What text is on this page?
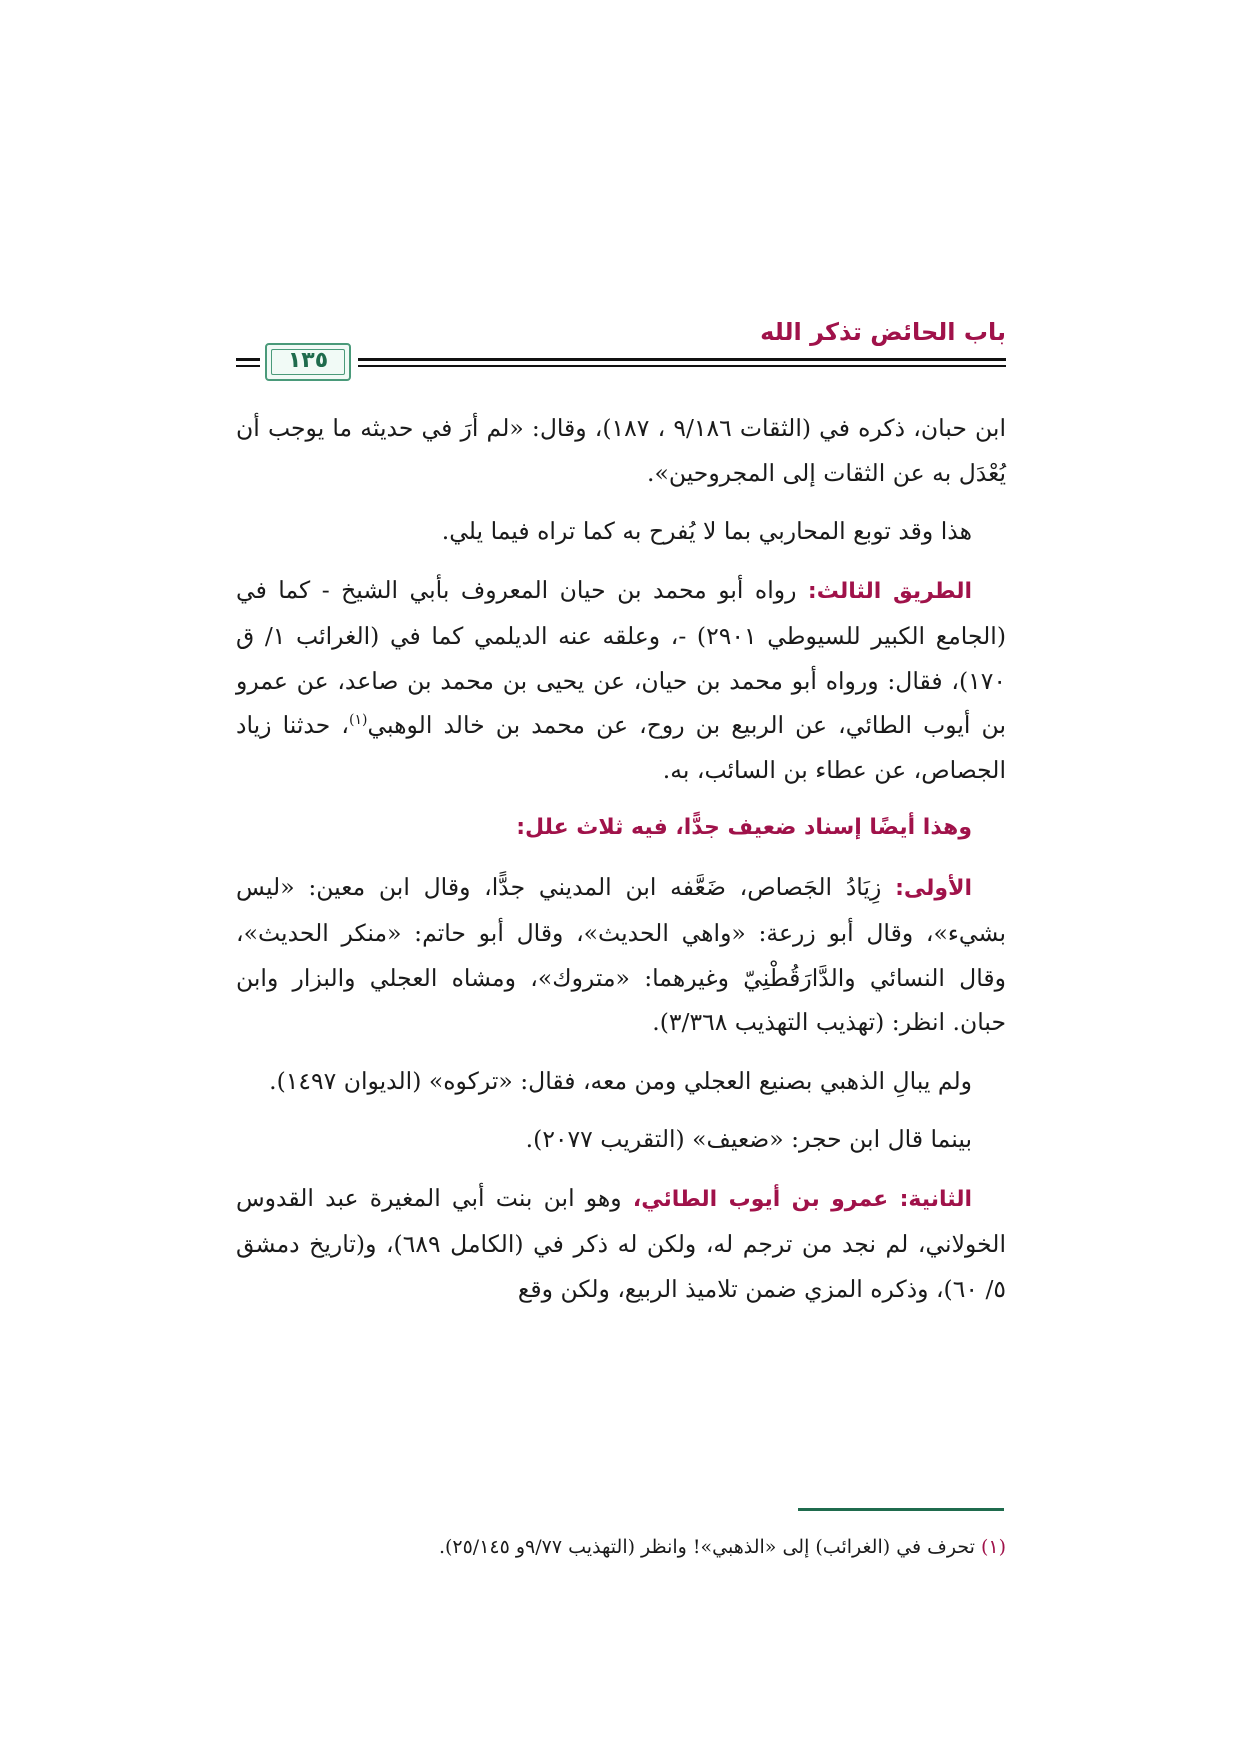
باب الحائض تذكر الله
١٣٥

ابن حبان، ذكره في (الثقات ٩/١٨٦ ، ١٨٧)، وقال: «لم أرَ في حديثه ما يوجب أن يُعْدَل به عن الثقات إلى المجروحين».

هذا وقد توبع المحاربي بما لا يُفرح به كما تراه فيما يلي.

الطريق الثالث: رواه أبو محمد بن حيان المعروف بأبي الشيخ - كما في (الجامع الكبير للسيوطي ٢٩٠١) -، وعلقه عنه الديلمي كما في (الغرائب ١/ ق ١٧٠)، فقال: ورواه أبو محمد بن حيان، عن يحيى بن محمد بن صاعد، عن عمرو بن أيوب الطائي، عن الربيع بن روح، عن محمد بن خالد الوهبي$^{(١)}$، حدثنا زياد الجصاص، عن عطاء بن السائب، به.

وهذا أيضًا إسناد ضعيف جدًّا، فيه ثلاث علل:

الأولى: زِيَادُ الجَصاص، ضَعَّفه ابن المديني جدًّا، وقال ابن معين: «ليس بشيء»، وقال أبو زرعة: «واهي الحديث»، وقال أبو حاتم: «منكر الحديث»، وقال النسائي والدَّارَقُطْنِيّ وغيرهما: «متروك»، ومشاه العجلي والبزار وابن حبان. انظر: (تهذيب التهذيب ٣/٣٦٨).

ولم يبالِ الذهبي بصنيع العجلي ومن معه، فقال: «تركوه» (الديوان ١٤٩٧).

بينما قال ابن حجر: «ضعيف» (التقريب ٢٠٧٧).

الثانية: عمرو بن أيوب الطائي، وهو ابن بنت أبي المغيرة عبد القدوس الخولاني، لم نجد من ترجم له، ولكن له ذكر في (الكامل ٦٨٩)، و(تاريخ دمشق ٥/ ٦٠)، وذكره المزي ضمن تلاميذ الربيع، ولكن وقع

(١) تحرف في (الغرائب) إلى «الذهبي»! وانظر (التهذيب ٩/٧٧و ٢٥/١٤٥).
